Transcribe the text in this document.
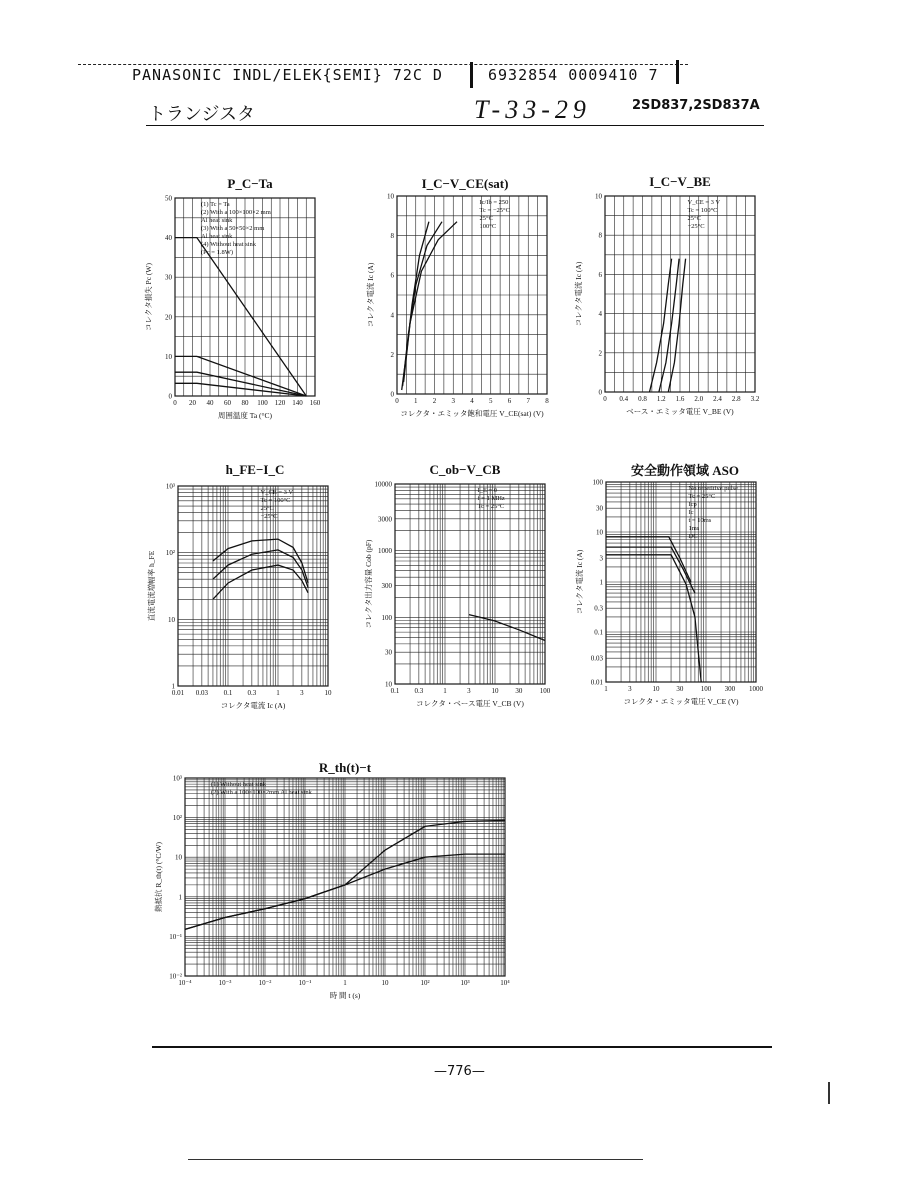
PANASONIC INDL/ELEK{SEMI} 72C D	6932854 0009410 7
トランジスタ	T-33-29	2SD837,2SD837A
P_C−Ta	I_C−V_CE(sat)	I_C−V_BE
h_FE−I_C	C_ob−V_CB	安全動作領域 ASO
R_th(t)−t
0 20 40 60 80 100 120 140 160
0
10
20
30
40
50
周囲温度 Ta (°C)
コレクタ損失 Pc (W)
(1) Tc = Ta
(2) With a 100×100×2 mm
Al heat sink
(3) With a 50×50×2 mm
Al heat sink
(4) Without heat sink
(Pc = 1.8W)
0 1 2 3 4 5 6 7 8
0
2
4
6
8
10
コレクタ・エミッタ飽和電圧 V_CE(sat) (V)
コレクタ電流 Ic (A)
Ic/Ib = 250
Tc = −25°C
25°C
100°C
0 0.4 0.8 1.2 1.6 2.0 2.4 2.8 3.2
0
2
4
6
8
10
ベース・エミッタ電圧 V_BE (V)
コレクタ電流 Ic (A)
V_CE = 3 V
Tc = 100°C
25°C
−25°C
0.01 0.03 0.1 0.3	1	3	10
1
10
10²
10³
コレクタ電流 Ic (A)
直流電流増幅率 h_FE
V_CE = 3 V
Tc = 100°C
25°C
−25°C
0.1 0.3	1	3	10 30 100
10
30
100
300
1000
3000
10000
コレクタ・ベース電圧 V_CB (V)
コレクタ出力容量 Cob (pF)
I_E = 0
f = 1 MHz
Tc = 25°C
1	3	10 30 100 300 1000
0.01
0.03
0.1
0.3
1
3
10
30
100
コレクタ・エミッタ電圧 V_CE (V)
コレクタ電流 Ic (A)
No repetitive pulse
Tc = 25°C
Icp
Ic
t = 10ms
1ms
DC
10⁻⁴	10⁻³	10⁻²	10⁻¹	1	10	10²	10³	10⁴
10⁻²
10⁻¹
1
10
10²
10³
時 間 t (s)
熱抵抗 R_th(t) (°C/W)
(1) Without heat sink
(2) With a 100×100×2mm Al heat sink
—776—
